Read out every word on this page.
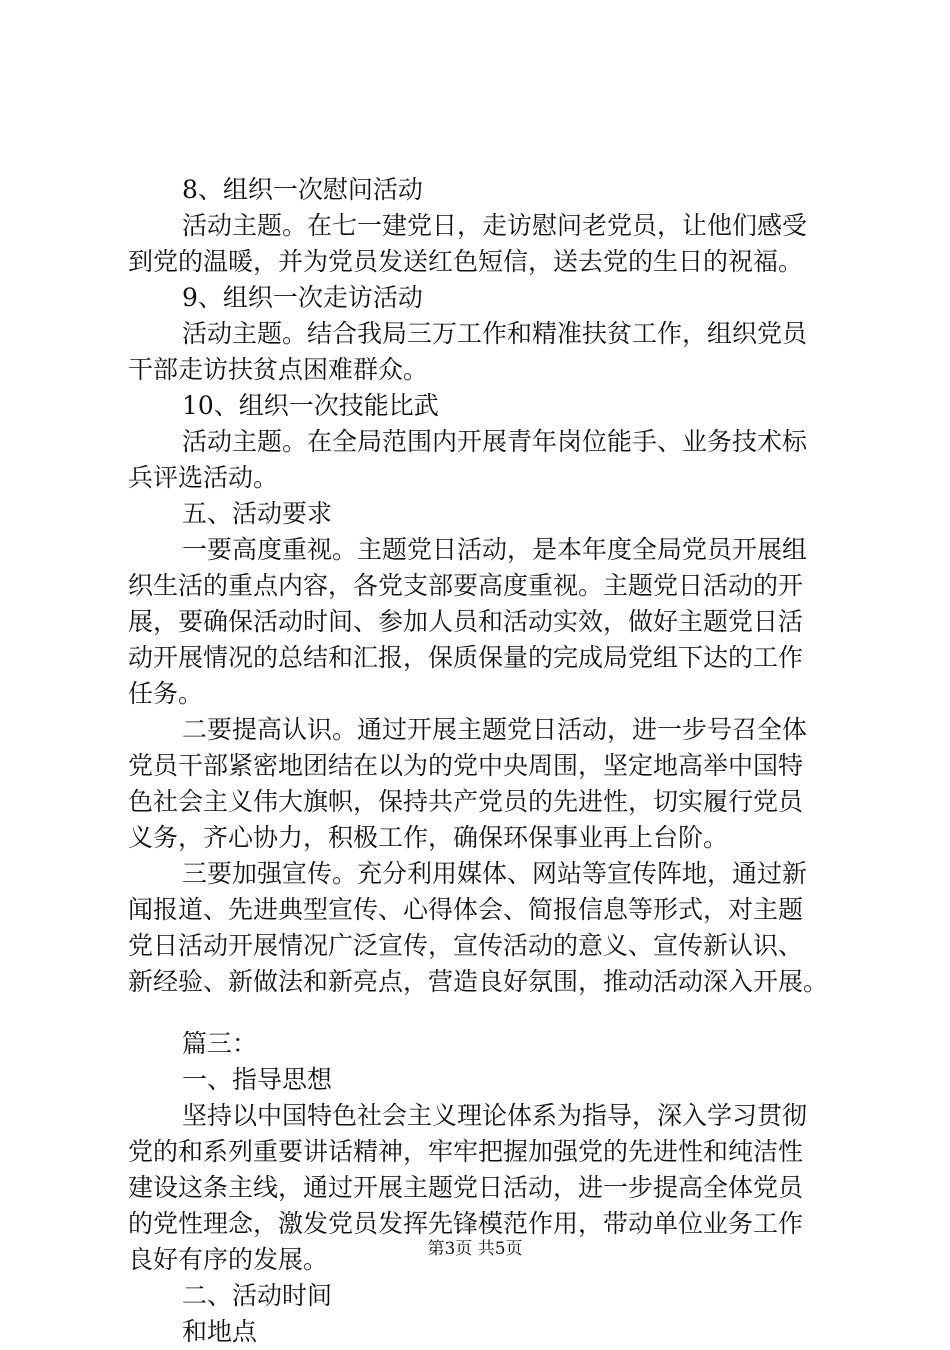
8、组织一次慰问活动
活动主题。在七一建党日，走访慰问老党员，让他们感受
到党的温暖，并为党员发送红色短信，送去党的生日的祝福。
9、组织一次走访活动
活动主题。结合我局三万工作和精准扶贫工作，组织党员
干部走访扶贫点困难群众。
10、组织一次技能比武
活动主题。在全局范围内开展青年岗位能手、业务技术标
兵评选活动。
五、活动要求
一要高度重视。主题党日活动，是本年度全局党员开展组
织生活的重点内容，各党支部要高度重视。主题党日活动的开
展，要确保活动时间、参加人员和活动实效，做好主题党日活
动开展情况的总结和汇报，保质保量的完成局党组下达的工作
任务。
二要提高认识。通过开展主题党日活动，进一步号召全体
党员干部紧密地团结在以为的党中央周围，坚定地高举中国特
色社会主义伟大旗帜，保持共产党员的先进性，切实履行党员
义务，齐心协力，积极工作，确保环保事业再上台阶。
三要加强宣传。充分利用媒体、网站等宣传阵地，通过新
闻报道、先进典型宣传、心得体会、简报信息等形式，对主题
党日活动开展情况广泛宣传，宣传活动的意义、宣传新认识、
新经验、新做法和新亮点，营造良好氛围，推动活动深入开展。
篇三：
一、指导思想
坚持以中国特色社会主义理论体系为指导，深入学习贯彻
党的和系列重要讲话精神，牢牢把握加强党的先进性和纯洁性
建设这条主线，通过开展主题党日活动，进一步提高全体党员
的党性理念，激发党员发挥先锋模范作用，带动单位业务工作
良好有序的发展。
二、活动时间
和地点
第3页 共5页
